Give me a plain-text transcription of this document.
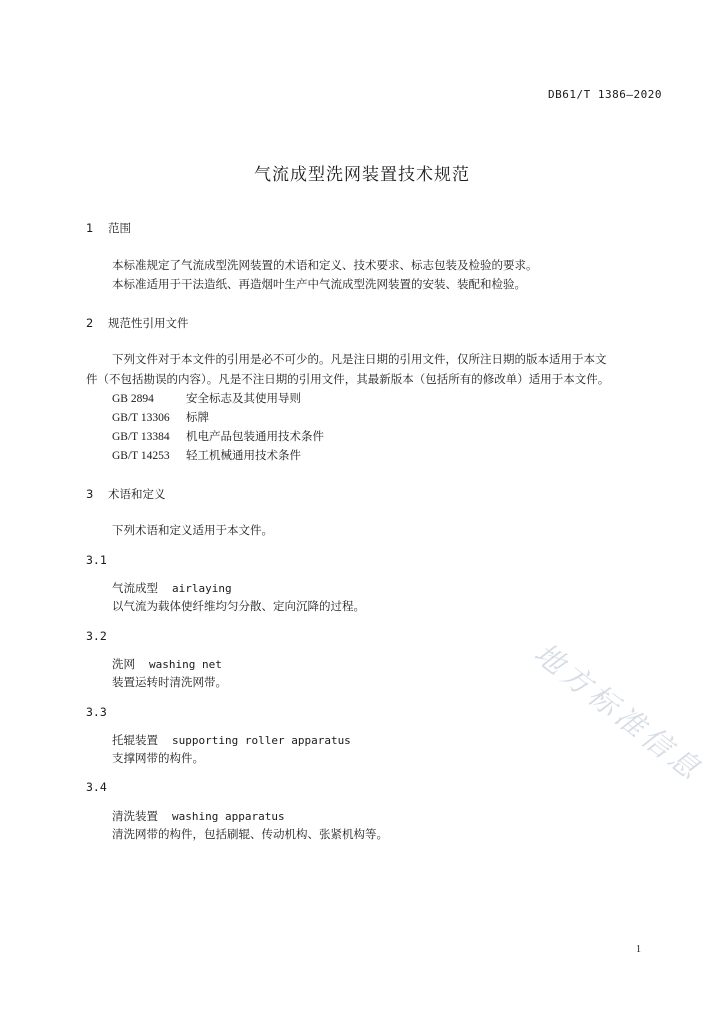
DB61/T 1386—2020
气流成型洗网装置技术规范
1 范围
本标准规定了气流成型洗网装置的术语和定义、技术要求、标志包装及检验的要求。
本标准适用于干法造纸、再造烟叶生产中气流成型洗网装置的安装、装配和检验。
2 规范性引用文件
下列文件对于本文件的引用是必不可少的。凡是注日期的引用文件，仅所注日期的版本适用于本文
件（不包括勘误的内容）。凡是不注日期的引用文件，其最新版本（包括所有的修改单）适用于本文件。
GB 2894	安全标志及其使用导则
GB/T 13306 标牌
GB/T 13384 机电产品包装通用技术条件
GB/T 14253 轻工机械通用技术条件
3 术语和定义
下列术语和定义适用于本文件。
3.1
气流成型 airlaying
以气流为载体使纤维均匀分散、定向沉降的过程。
3.2
洗网 washing net
装置运转时清洗网带。
3.3
托辊装置 supporting roller apparatus
支撑网带的构件。
3.4
清洗装置 washing apparatus
清洗网带的构件，包括刷辊、传动机构、张紧机构等。
地方标准信息
1
